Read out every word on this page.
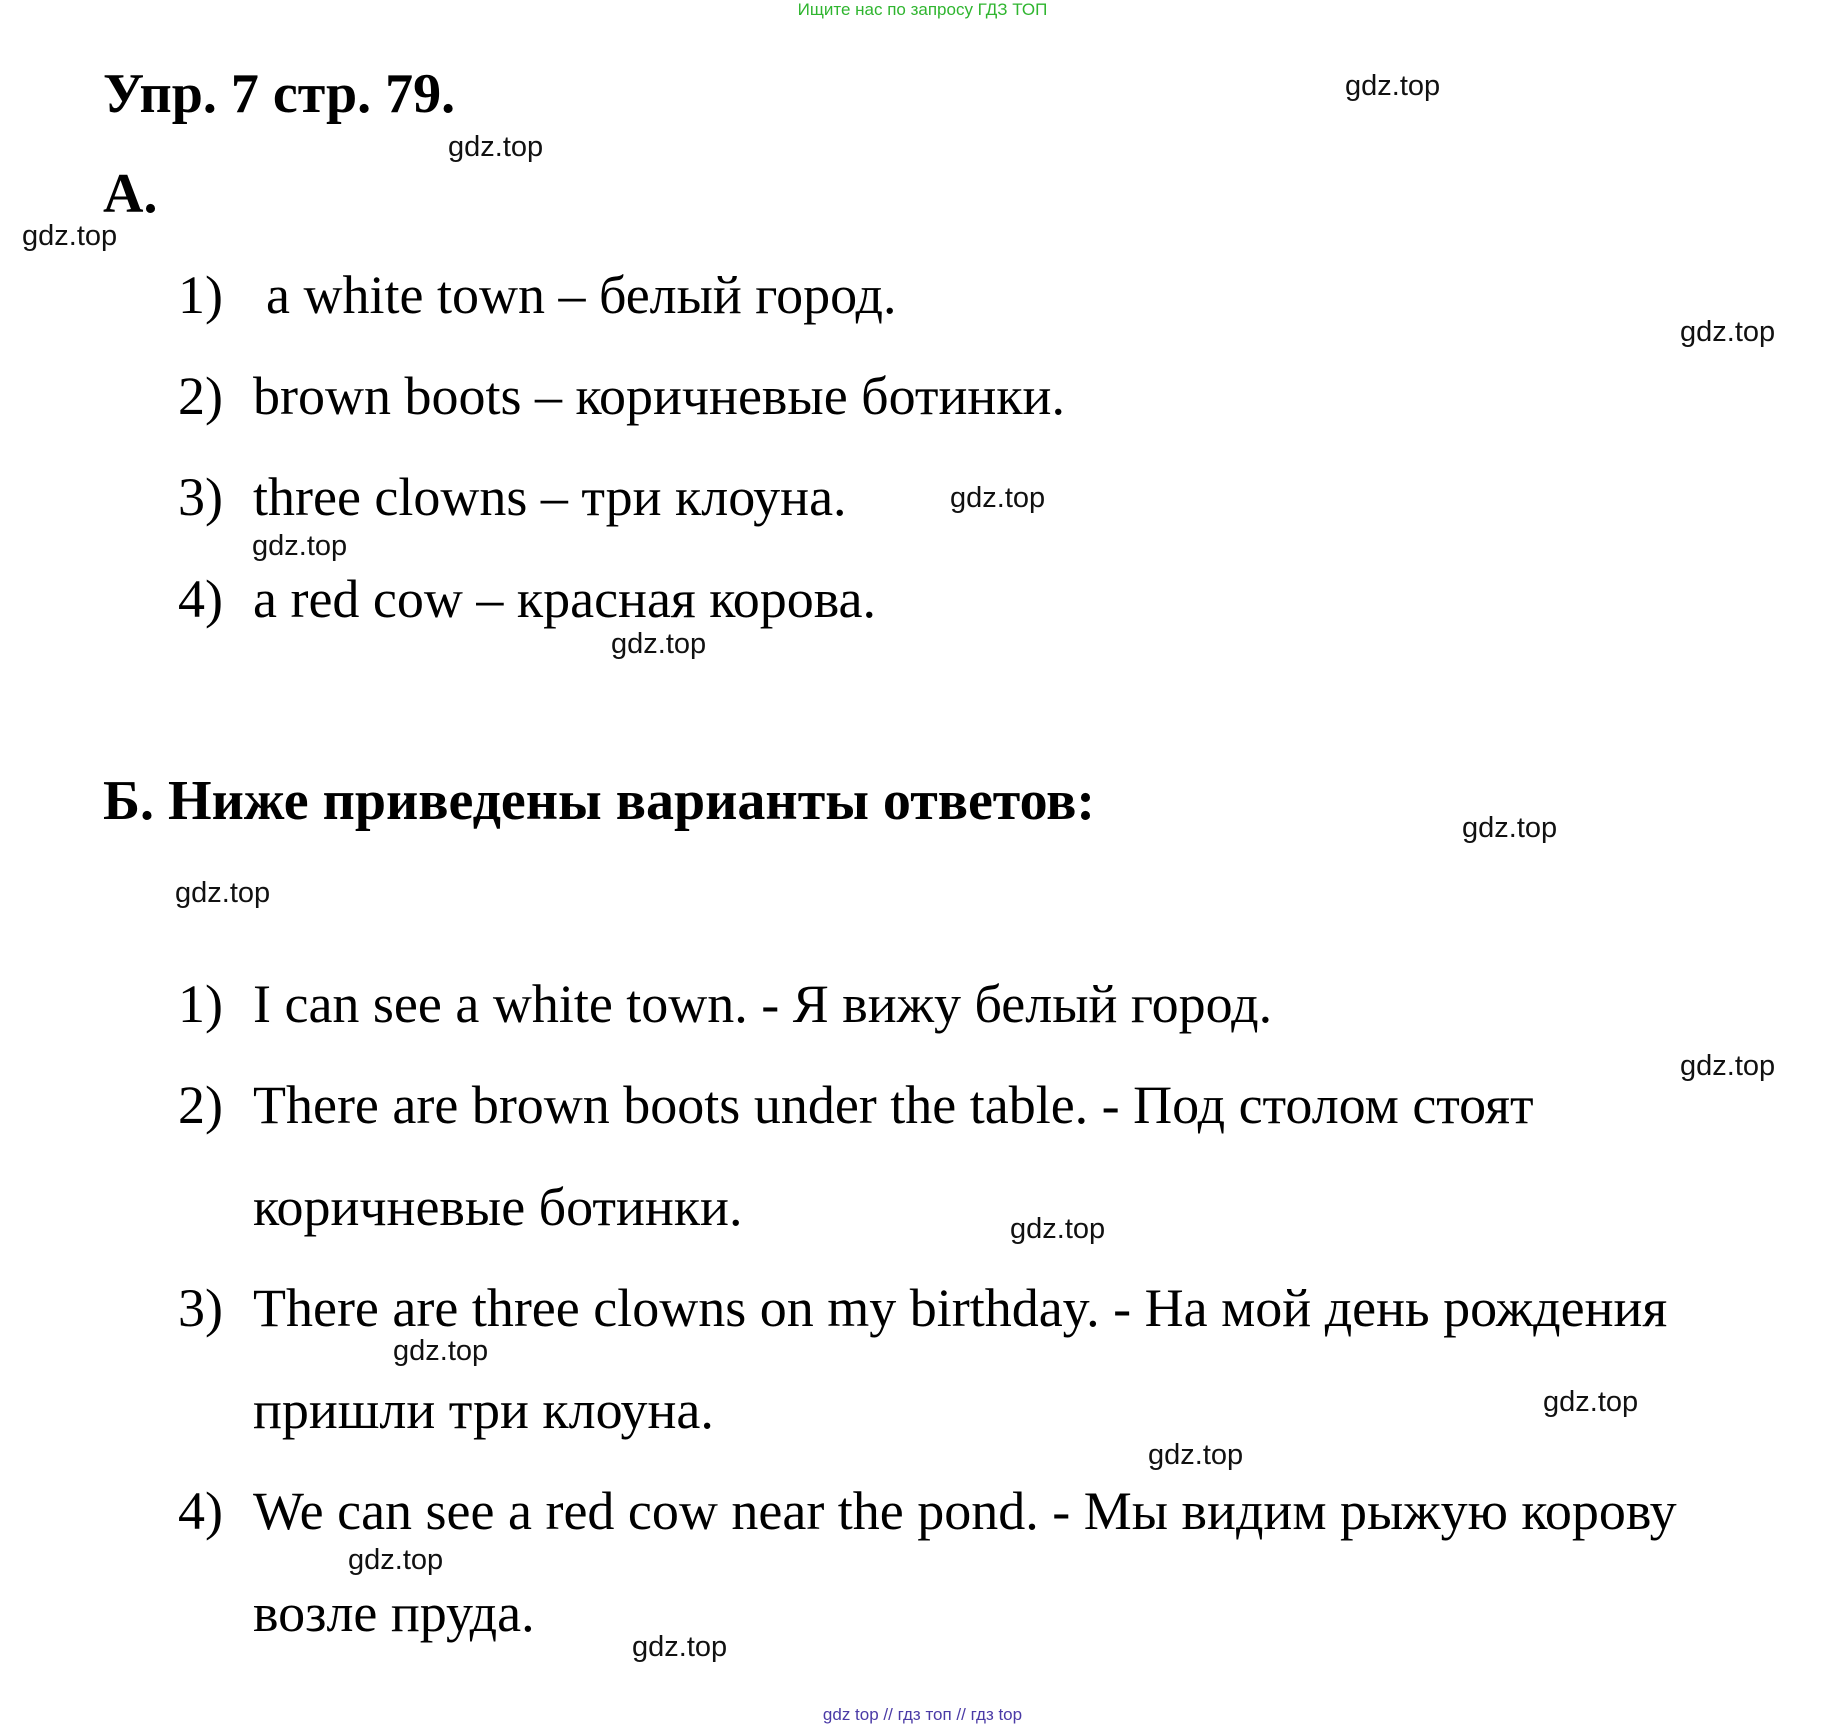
Ищите нас по запросу ГДЗ ТОП
Упр. 7 стр. 79.
А.
1) a white town – белый город.
2) brown boots – коричневые ботинки.
3) three clowns – три клоуна.
4) a red cow – красная корова.
Б. Ниже приведены варианты ответов:
1) I can see a white town. - Я вижу белый город.
2) There are brown boots under the table. - Под столом стоят
коричневые ботинки.
3) There are three clowns on my birthday. - На мой день рождения
пришли три клоуна.
4) We can see a red cow near the pond. - Мы видим рыжую корову
возле пруда.
gdz.top
gdz.top
gdz.top
gdz.top
gdz.top
gdz.top
gdz.top
gdz.top
gdz.top
gdz.top
gdz.top
gdz.top
gdz.top
gdz.top
gdz.top
gdz.top
gdz top // гдз топ // гдз top
